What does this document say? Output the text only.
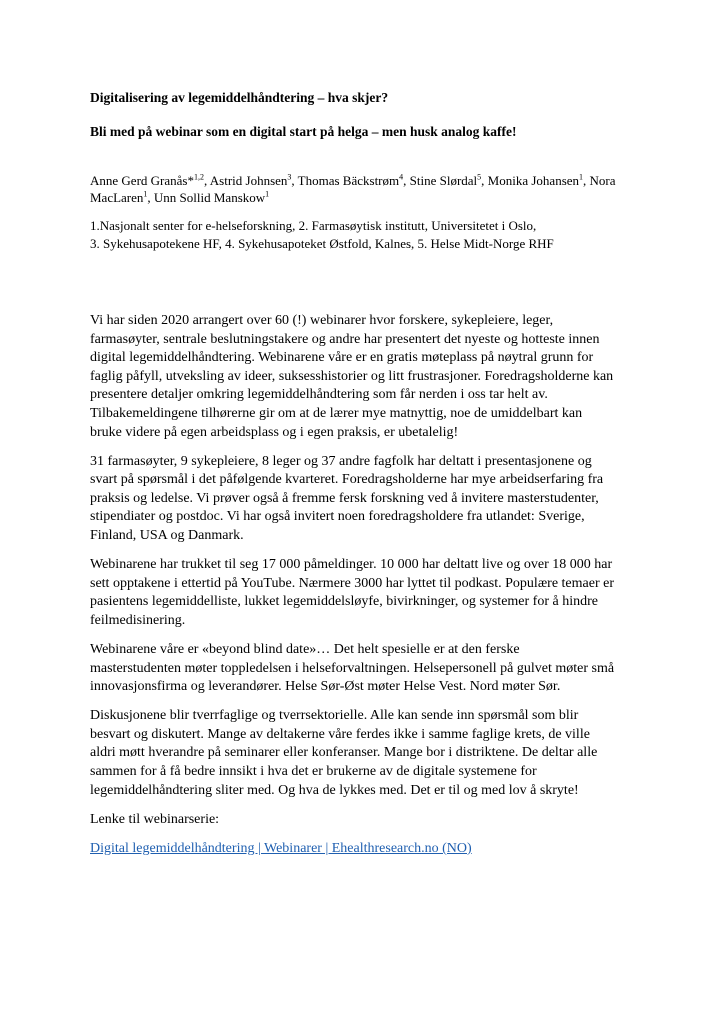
Digitalisering av legemiddelhåndtering – hva skjer?
Bli med på webinar som en digital start på helga – men husk analog kaffe!

Anne Gerd Granås*$^{1,2}$, Astrid Johnsen$^3$, Thomas Bäckstrøm$^4$, Stine Slørdal$^5$, Monika Johansen$^1$, Nora MacLaren$^1$, Unn Sollid Manskow$^1$

1.Nasjonalt senter for e-helseforskning, 2. Farmasøytisk institutt, Universitetet i Oslo,
3. Sykehusapotekene HF, 4. Sykehusapoteket Østfold, Kalnes, 5. Helse Midt-Norge RHF

Vi har siden 2020 arrangert over 60 (!) webinarer hvor forskere, sykepleiere, leger,
farmasøyter, sentrale beslutningstakere og andre har presentert det nyeste og hotteste innen
digital legemiddelhåndtering. Webinarene våre er en gratis møteplass på nøytral grunn for
faglig påfyll, utveksling av ideer, suksesshistorier og litt frustrasjoner. Foredragsholderne kan
presentere detaljer omkring legemiddelhåndtering som får nerden i oss tar helt av.
Tilbakemeldingene tilhørerne gir om at de lærer mye matnyttig, noe de umiddelbart kan
bruke videre på egen arbeidsplass og i egen praksis, er ubetalelig!

31 farmasøyter, 9 sykepleiere, 8 leger og 37 andre fagfolk har deltatt i presentasjonene og
svart på spørsmål i det påfølgende kvarteret. Foredragsholderne har mye arbeidserfaring fra
praksis og ledelse. Vi prøver også å fremme fersk forskning ved å invitere masterstudenter,
stipendiater og postdoc. Vi har også invitert noen foredragsholdere fra utlandet: Sverige,
Finland, USA og Danmark.

Webinarene har trukket til seg 17 000 påmeldinger. 10 000 har deltatt live og over 18 000 har
sett opptakene i ettertid på YouTube. Nærmere 3000 har lyttet til podkast. Populære temaer er
pasientens legemiddelliste, lukket legemiddelsløyfe, bivirkninger, og systemer for å hindre
feilmedisinering.

Webinarene våre er «beyond blind date»… Det helt spesielle er at den ferske
masterstudenten møter toppledelsen i helseforvaltningen. Helsepersonell på gulvet møter små
innovasjonsfirma og leverandører. Helse Sør-Øst møter Helse Vest. Nord møter Sør.

Diskusjonene blir tverrfaglige og tverrsektorielle. Alle kan sende inn spørsmål som blir
besvart og diskutert. Mange av deltakerne våre ferdes ikke i samme faglige krets, de ville
aldri møtt hverandre på seminarer eller konferanser. Mange bor i distriktene. De deltar alle
sammen for å få bedre innsikt i hva det er brukerne av de digitale systemene for
legemiddelhåndtering sliter med. Og hva de lykkes med. Det er til og med lov å skryte!

Lenke til webinarserie:

Digital legemiddelhåndtering | Webinarer | Ehealthresearch.no (NO)
